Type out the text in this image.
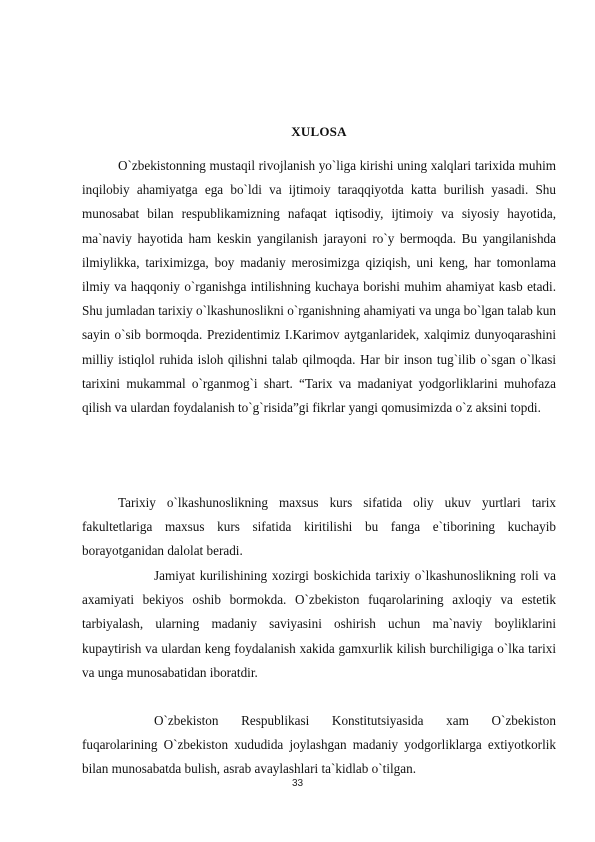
XULOSA

O`zbekistonning mustaqil rivojlanish yo`liga kirishi uning xalqlari tarixida muhim inqilobiy ahamiyatga ega bo`ldi va ijtimoiy taraqqiyotda katta burilish yasadi. Shu munosabat bilan respublikamizning nafaqat iqtisodiy, ijtimoiy va siyosiy hayotida, ma`naviy hayotida ham keskin yangilanish jarayoni ro`y bermoqda. Bu yangilanishda ilmiylikka, tariximizga, boy madaniy merosimizga qiziqish, uni keng, har tomonlama ilmiy va haqqoniy o`rganishga intilishning kuchaya borishi muhim ahamiyat kasb etadi. Shu jumladan tarixiy o`lkashunoslikni o`rganishning ahamiyati va unga bo`lgan talab kun sayin o`sib bormoqda. Prezidentimiz I.Karimov aytganlaridek, xalqimiz dunyoqarashini milliy istiqlol ruhida isloh qilishni talab qilmoqda. Har bir inson tug`ilib o`sgan o`lkasi tarixini mukammal o`rganmog`i shart. “Tarix va madaniyat yodgorliklarini muhofaza qilish va ulardan foydalanish to`g`risida”gi fikrlar yangi qomusimizda o`z aksini topdi.

Tarixiy o`lkashunoslikning maxsus kurs sifatida oliy ukuv yurtlari tarix fakultetlariga maxsus kurs sifatida kiritilishi bu fanga e`tiborining kuchayib borayotganidan dalolat beradi.

Jamiyat kurilishining xozirgi boskichida tarixiy o`lkashunoslikning roli va axamiyati bekiyos oshib bormokda. O`zbekiston fuqarolarining axloqiy va estetik tarbiyalash, ularning madaniy saviyasini oshirish uchun ma`naviy boyliklarini kupaytirish va ulardan keng foydalanish xakida gamxurlik kilish burchiligiga o`lka tarixi va unga munosabatidan iboratdir.

O`zbekiston Respublikasi Konstitutsiyasida xam O`zbekiston fuqarolarining O`zbekiston xududida joylashgan madaniy yodgorliklarga extiyotkorlik bilan munosabatda bulish, asrab avaylashlari ta`kidlab o`tilgan.

33
